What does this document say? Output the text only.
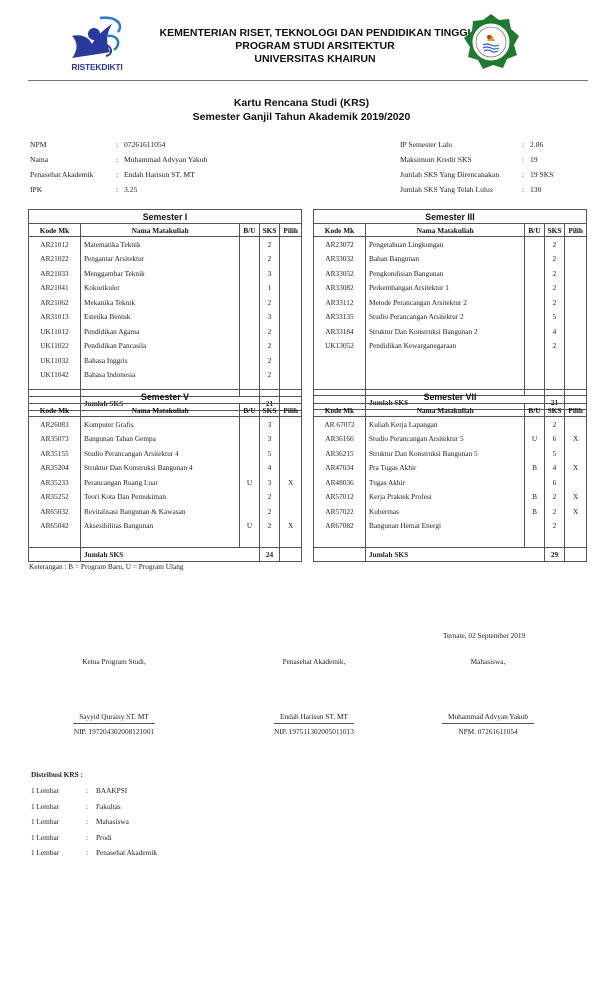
RISTEKDIKTI
KEMENTERIAN RISET, TEKNOLOGI DAN PENDIDIKAN TINGGI
PROGRAM STUDI ARSITEKTUR
UNIVERSITAS KHAIRUN
Kartu Rencana Studi (KRS)
Semester Ganjil Tahun Akademik 2019/2020
NPM	: 07261611054
Nama	: Muhammad Advyan Yakub
Penasehat Akademik	: Endah Harisun ST. MT
IPK	: 3.25
IP Semester Lalu	: 2.86
Maksimum Kredit SKS	: 19
Jumlah SKS Yang Direncanakan	: 19 SKS
Jumlah SKS Yang Telah Lulus	: 130
Semester I				
Kode Mk	Nama Matakuliah	B/U	SKS	Pilih
AR21012	Matematika Teknik		2	
AR21022	Pengantar Arsitektur		2	
AR21033	Menggambar Teknik		3	
AR21041	Kokurikuler		1	
AR21062	Mekanika Teknik		2	
AR31013	Estetika Bentuk		3	
UK11012	Pendidikan Agama		2	
UK11022	Pendidikan Pancasila		2	
UK11032	Bahasa Inggris		2	
UK11042	Bahasa Indonesia		2	

	Jumlah SKS		21	
Semester III				
Kode Mk	Nama Matakuliah	B/U	SKS	Pilih
AR23072	Pengetahuan Lingkungan		2	
AR33032	Bahan Bangunan		2	
AR33052	Pengkondisian Bangunan		2	
AR33082	Perkembangan Arsitektur 1		2	
AR33112	Metode Perancangan Arsitektur 2		2	
AR33135	Studio Perancangan Arsitektur 2		5	
AR33184	Struktur Dan Konstruksi Bangunan 2		4	
UK13052	Pendidikan Kewarganegaraan		2	

	Jumlah SKS		21	
Semester V				
Kode Mk	Nama Matakuliah	B/U	SKS	Pilih
AR26083	Komputer Grafis		3	
AR35073	Bangunan Tahan Gempa		3	
AR35155	Studio Perancangan Arsitektur 4		5	
AR35204	Struktur Dan Konstruksi Bangunan 4		4	
AR35233	Perancangan Ruang Luar	U	3	X
AR35252	Teori Kota Dan Pemukiman		2	
AR65032	Revitalisasi Bangunan & Kawasan		2	
AR65042	Aksesibilitas Bangunan	U	2	X

	Jumlah SKS		24	
Semester VII				
Kode Mk	Nama Matakuliah	B/U	SKS	Pilih
AR 67072	Kuliah Kerja Lapangan		2	
AR36166	Studio Perancangan Arsitektur 5	U	6	X
AR36215	Struktur Dan Konstruksi Bangunan 5		5	
AR47034	Pra Tugas Akhir	B	4	X
AR48036	Tugas Akhir		6	
AR57012	Kerja Praktek Profesi	B	2	X
AR57022	Kubermas	B	2	X
AR67082	Bangunan Hemat Energi		2	

	Jumlah SKS		29	
Keterangan : B = Program Baru, U = Program Ulang
Ternate, 02 September 2019
Ketua Program Studi,
Sayyid Quraisy ST. MT
NIP. 197204302008121001
Penasehat Akademik,
Endah Harisun ST. MT
NIP. 197511302005011013
Mahasiswa,
Muhammad Advyan Yakub
NPM. 07261611054
Distribusi KRS :
1 Lembar	:	BAAKPSI
1 Lembar	:	Fakultas
1 Lembar	:	Mahasiswa
1 Lembar	:	Prodi
1 Lembar	:	Penasehat Akademik
